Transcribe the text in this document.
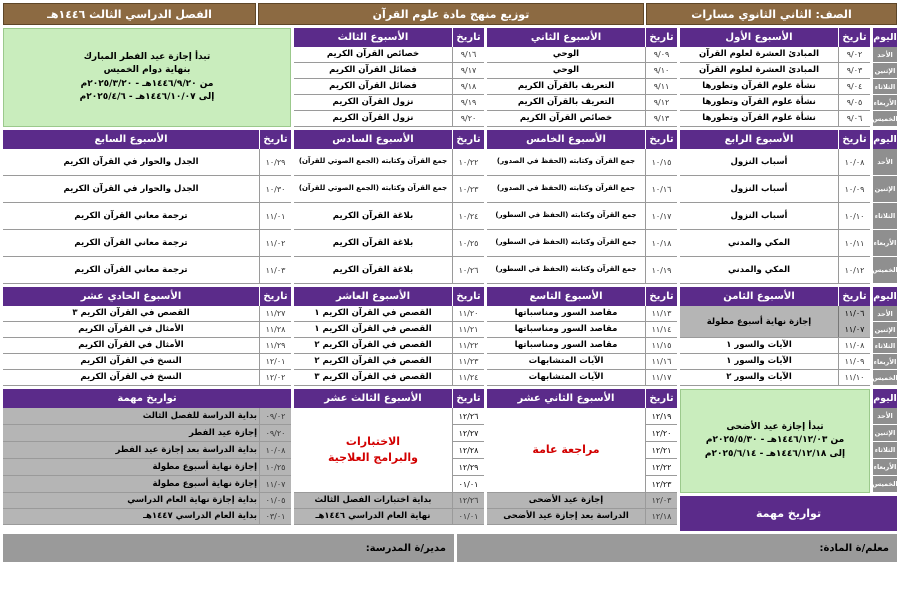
الصف: الثاني الثانوي مسارات
توزيع منهج مادة علوم القرآن
الفصل الدراسي الثالث ١٤٤٦هـ
اليوم
الأحد
الإثنين
الثلاثاء
الأربعاء
الخميس
تاريخ
الأسبوع الأول
٩/٠٢
المبادئ العشرة لعلوم القرآن
٩/٠٣
المبادئ العشرة لعلوم القرآن
٩/٠٤
نشأة علوم القرآن وتطورها
٩/٠٥
نشأة علوم القرآن وتطورها
٩/٠٦
نشأة علوم القرآن وتطورها
تاريخ
الأسبوع الثاني
٩/٠٩
الوحي
٩/١٠
الوحي
٩/١١
التعريف بالقرآن الكريم
٩/١٢
التعريف بالقرآن الكريم
٩/١٣
خصائص القرآن الكريم
تاريخ
الأسبوع الثالث
٩/١٦
خصائص القرآن الكريم
٩/١٧
فضائل القرآن الكريم
٩/١٨
فضائل القرآن الكريم
٩/١٩
نزول القرآن الكريم
٩/٢٠
نزول القرآن الكريم
تبدأ إجازة عيد الفطر المبارك
بنهاية دوام الخميس
من ١٤٤٦/٩/٢٠هـ - ٢٠٢٥/٣/٢٠م
إلى ١٤٤٦/١٠/٠٧هـ - ٢٠٢٥/٤/٦م
اليوم
الأحد
الإثنين
الثلاثاء
الأربعاء
الخميس
تاريخ
الأسبوع الرابع
١٠/٠٨
أسباب النزول
١٠/٠٩
أسباب النزول
١٠/١٠
أسباب النزول
١٠/١١
المكي والمدني
١٠/١٢
المكي والمدني
تاريخ
الأسبوع الخامس
١٠/١٥
جمع القرآن وكتابته (الحفظ في الصدور)
١٠/١٦
جمع القرآن وكتابته (الحفظ في الصدور)
١٠/١٧
جمع القرآن وكتابته (الحفظ في السطور)
١٠/١٨
جمع القرآن وكتابته (الحفظ في السطور)
١٠/١٩
جمع القرآن وكتابته (الحفظ في السطور)
تاريخ
الأسبوع السادس
١٠/٢٢
جمع القرآن وكتابته (الجمع الصوتي للقرآن)
١٠/٢٣
جمع القرآن وكتابته (الجمع الصوتي للقرآن)
١٠/٢٤
بلاغة القرآن الكريم
١٠/٢٥
بلاغة القرآن الكريم
١٠/٢٦
بلاغة القرآن الكريم
تاريخ
الأسبوع السابع
١٠/٢٩
الجدل والحوار في القرآن الكريم
١٠/٣٠
الجدل والحوار في القرآن الكريم
١١/٠١
ترجمة معاني القرآن الكريم
١١/٠٢
ترجمة معاني القرآن الكريم
١١/٠٣
ترجمة معاني القرآن الكريم
اليوم
الأحد
الإثنين
الثلاثاء
الأربعاء
الخميس
تاريخ
الأسبوع الثامن
١١/٠٦
١١/٠٧
إجازة نهاية أسبوع مطولة
١١/٠٨
الآيات والسور ١
١١/٠٩
الآيات والسور ١
١١/١٠
الآيات والسور ٢
تاريخ
الأسبوع التاسع
١١/١٣
مقاصد السور ومناسباتها
١١/١٤
مقاصد السور ومناسباتها
١١/١٥
مقاصد السور ومناسباتها
١١/١٦
الآيات المتشابهات
١١/١٧
الآيات المتشابهات
تاريخ
الأسبوع العاشر
١١/٢٠
القصص في القرآن الكريم ١
١١/٢١
القصص في القرآن الكريم ١
١١/٢٢
القصص في القرآن الكريم ٢
١١/٢٣
القصص في القرآن الكريم ٢
١١/٢٤
القصص في القرآن الكريم ٣
تاريخ
الأسبوع الحادي عشر
١١/٢٧
القصص في القرآن الكريم ٣
١١/٢٨
الأمثال في القرآن الكريم
١١/٢٩
الأمثال في القرآن الكريم
١٢/٠١
النسخ في القرآن الكريم
١٢/٠٢
النسخ في القرآن الكريم
اليوم
الأحد
الإثنين
الثلاثاء
الأربعاء
الخميس
تبدأ إجازة عيد الأضحى
من ١٤٤٦/١٢/٠٣هـ - ٢٠٢٥/٥/٣٠م
إلى ١٤٤٦/١٢/١٨هـ - ٢٠٢٥/٦/١٤م
تواريخ مهمة
تاريخ
الأسبوع الثاني عشر
١٢/١٩
١٢/٢٠
١٢/٢١
١٢/٢٢
١٢/٢٣
مراجعة عامة
١٢/٠٣
إجازة عيد الأضحى
١٢/١٨
الدراسة بعد إجازة عيد الأضحى
تاريخ
الأسبوع الثالث عشر
١٢/٢٦
١٢/٢٧
١٢/٢٨
١٢/٢٩
٠١/٠١
الاختبارات
والبرامج العلاجية
١٢/٢٦
بداية اختبارات الفصل الثالث
٠١/٠١
نهاية العام الدراسي ١٤٤٦هـ
تواريخ مهمة
٠٩/٠٢
بداية الدراسة للفصل الثالث
٠٩/٢٠
إجازة عيد الفطر
١٠/٠٨
بداية الدراسة بعد إجازة عيد الفطر
١٠/٢٥
إجازة نهاية أسبوع مطولة
١١/٠٧
إجازة نهاية أسبوع مطولة
٠١/٠٥
بداية إجازة نهاية العام الدراسي
٠٣/٠١
بداية العام الدراسي ١٤٤٧هـ
معلم/ة المادة:
مدير/ة المدرسة:
